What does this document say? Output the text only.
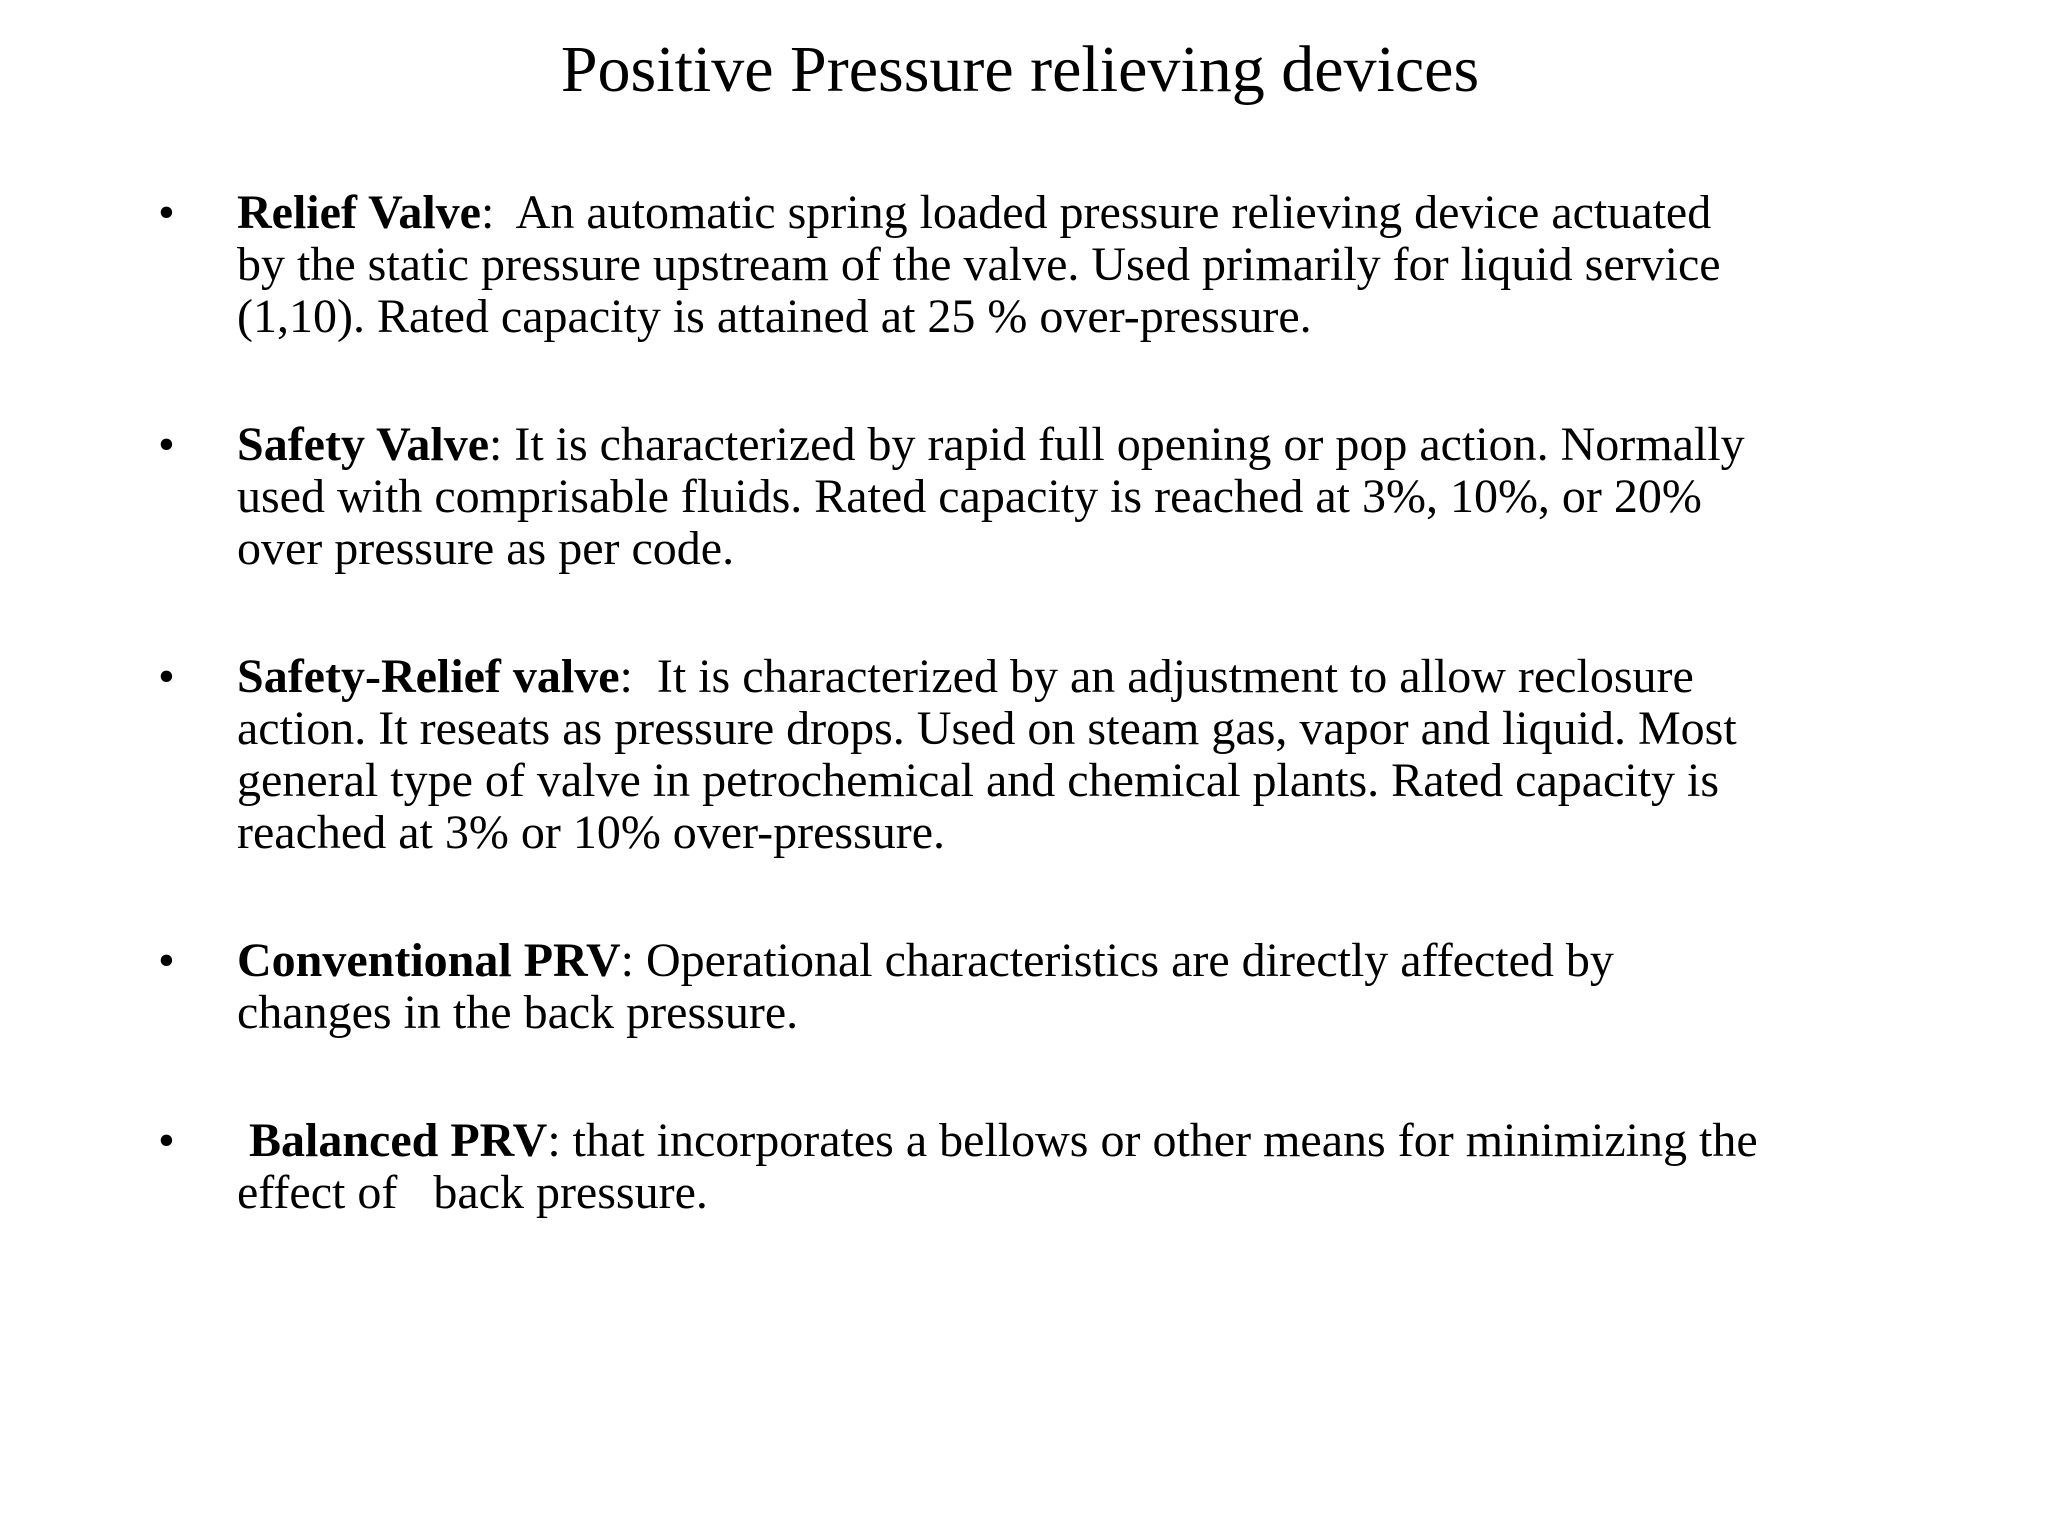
Positive Pressure relieving devices
• Relief Valve:  An automatic spring loaded pressure relieving device actuated
by the static pressure upstream of the valve. Used primarily for liquid service
(1,10). Rated capacity is attained at 25 % over-pressure.
• Safety Valve: It is characterized by rapid full opening or pop action. Normally
used with comprisable fluids. Rated capacity is reached at 3%, 10%, or 20%
over pressure as per code.
• Safety-Relief valve:  It is characterized by an adjustment to allow reclosure
action. It reseats as pressure drops. Used on steam gas, vapor and liquid. Most
general type of valve in petrochemical and chemical plants. Rated capacity is
reached at 3% or 10% over-pressure.
• Conventional PRV: Operational characteristics are directly affected by
changes in the back pressure.
• Balanced PRV: that incorporates a bellows or other means for minimizing the
effect of   back pressure.
